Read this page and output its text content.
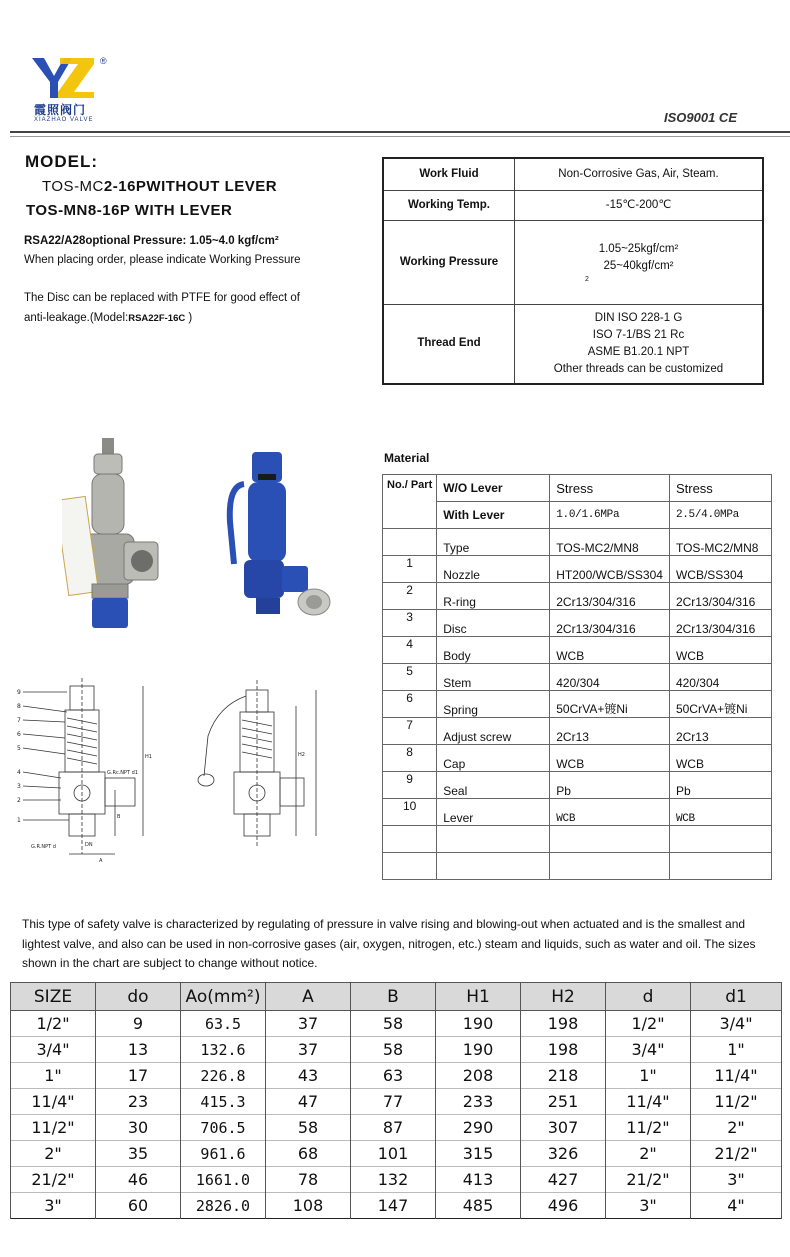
®
霞照阀门
XIAZHAO VALVE	ISO9001 CE
MODEL:
TOS-MC2-16PWITHOUT LEVER
TOS-MN8-16P WITH LEVER
RSA22/A28optional Pressure: 1.05~4.0 kgf/cm²
When placing order, please indicate Working Pressure
The Disc can be replaced with PTFE for good effect of
anti-leakage.(Model:RSA22F-16C )
Work Fluid	Non-Corrosive Gas, Air, Steam.
Working Temp.	-15℃-200℃
Working Pressure	1.05~25kgf/cm²
25~40kgf/cm²
2

Thread End	DIN ISO 228-1 G
ISO 7-1/BS 21 Rc
ASME B1.20.1 NPT
Other threads can be customized
9
8
7
6
5
4
3
2
1
G.Rc.NPT d1
G.R.NPT d	DN
A
B
H1	H2
Material
No./ Part	W/O Lever	Stress	Stress
	With Lever	1.0/1.6MPa	2.5/4.0MPa
	Type	TOS-MC2/MN8	TOS-MC2/MN8
1	Nozzle	HT200/WCB/SS304	WCB/SS304
2	R-ring	2Cr13/304/316	2Cr13/304/316
3	Disc	2Cr13/304/316	2Cr13/304/316
4	Body	WCB	WCB
5	Stem	420/304	420/304
6	Spring	50CrVA+镀Ni	50CrVA+镀Ni
7	Adjust screw	2Cr13	2Cr13
8	Cap	WCB	WCB
9	Seal	Pb	Pb
10	Lever	WCB	WCB

This type of safety valve is characterized by regulating of pressure in valve rising and blowing-out when actuated and is the smallest and lightest valve, and also can be used in non-corrosive gases (air, oxygen, nitrogen, etc.) steam and liquids, such as water and oil. The sizes shown in the chart are subject to change without notice.
SIZE	do	Ao(mm²)	A	B	H1	H2	d	d1
1/2"	9	63.5	37	58	190	198	1/2"	3/4"
3/4"	13	132.6	37	58	190	198	3/4"	1"
1"	17	226.8	43	63	208	218	1"	11/4"
11/4"	23	415.3	47	77	233	251	11/4"	11/2"
11/2"	30	706.5	58	87	290	307	11/2"	2"
2"	35	961.6	68	101	315	326	2"	21/2"
21/2"	46	1661.0	78	132	413	427	21/2"	3"
3"	60	2826.0	108	147	485	496	3"	4"
